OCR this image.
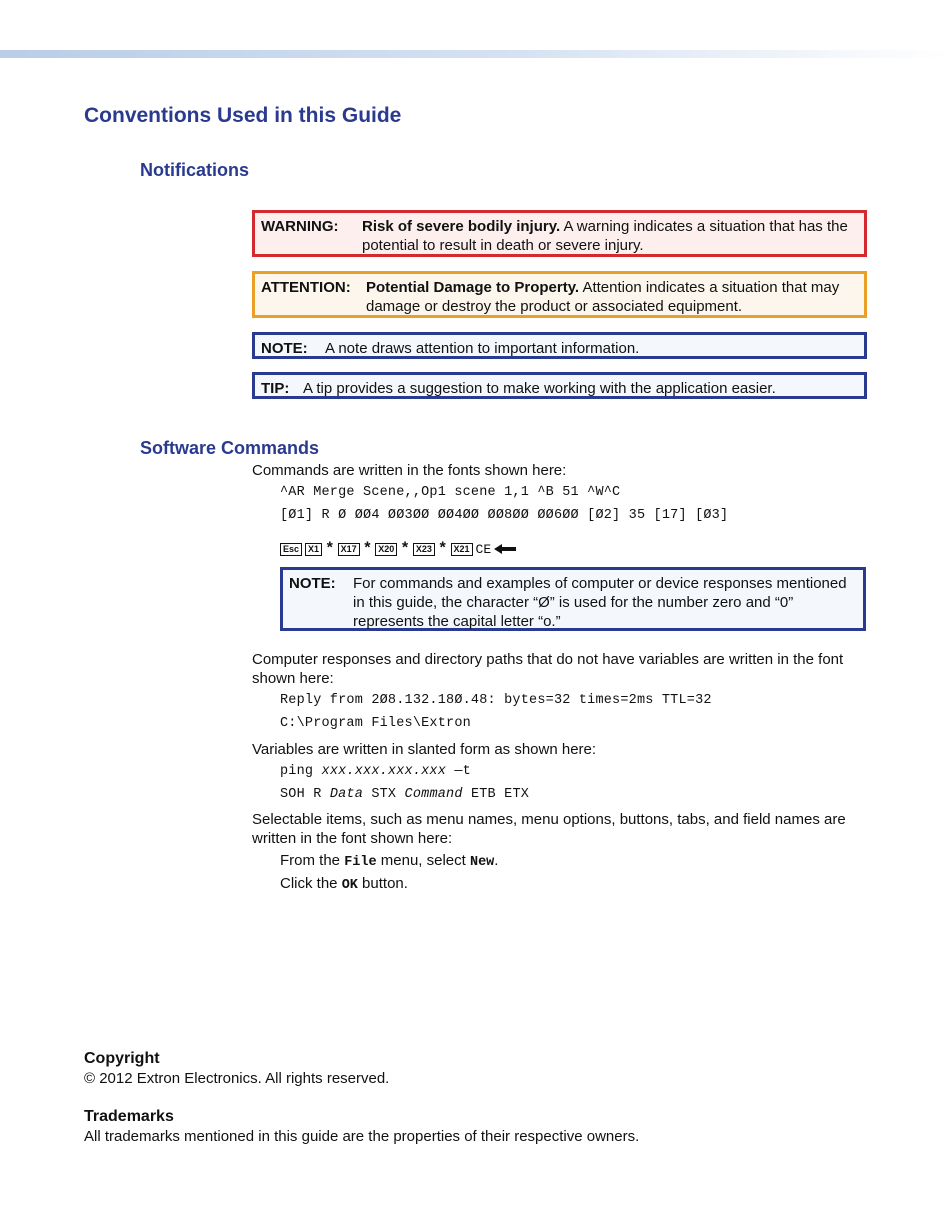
Conventions Used in this Guide
Notifications
WARNING:	Risk of severe bodily injury. A warning indicates a situation that has the potential to result in death or severe injury.
ATTENTION:	Potential Damage to Property. Attention indicates a situation that may damage or destroy the product or associated equipment.
NOTE:	A note draws attention to important information.
TIP: A tip provides a suggestion to make working with the application easier.
Software Commands
Commands are written in the fonts shown here:
^AR Merge Scene,,Op1 scene 1,1 ^B 51 ^W^C
[Ø1] R Ø ØØ4 ØØ3ØØ ØØ4ØØ ØØ8ØØ ØØ6ØØ [Ø2] 35 [17] [Ø3]
Esc	X1 * X17 * X20 * X23 * X21 CE
NOTE:	For commands and examples of computer or device responses mentioned in this guide, the character “Ø” is used for the number zero and “0” represents the capital letter “o.”
Computer responses and directory paths that do not have variables are written in the font shown here:
Reply from 2Ø8.132.18Ø.48: bytes=32 times=2ms TTL=32
C:\Program Files\Extron
Variables are written in slanted form as shown here:
ping xxx.xxx.xxx.xxx —t
SOH R Data STX Command ETB ETX
Selectable items, such as menu names, menu options, buttons, tabs, and field names are written in the font shown here:
From the File menu, select New.
Click the OK button.
Copyright
© 2012 Extron Electronics. All rights reserved.
Trademarks
All trademarks mentioned in this guide are the properties of their respective owners.
